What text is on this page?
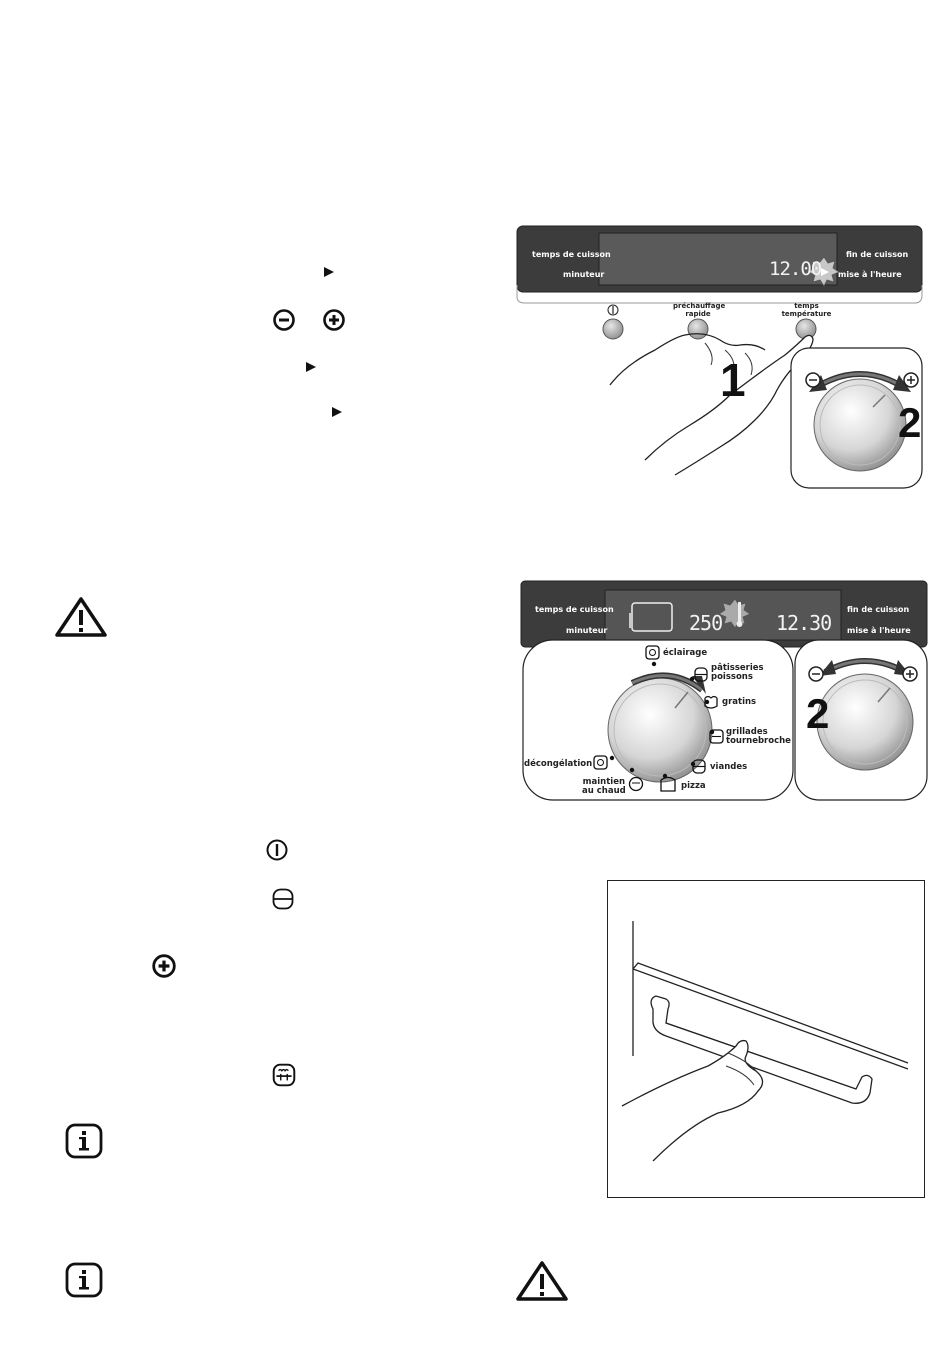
temps de cuisson
minuteur
fin de cuisson
mise à l'heure
12.00
préchauffage
rapide
temps
température
1
2
temps de cuisson
minuteur
fin de cuisson
mise à l'heure
250	12.30
éclairage
pâtisseries
poissons
gratins
grillades
tournebroche
viandes
pizza
maintien
au chaud
décongélation
2
